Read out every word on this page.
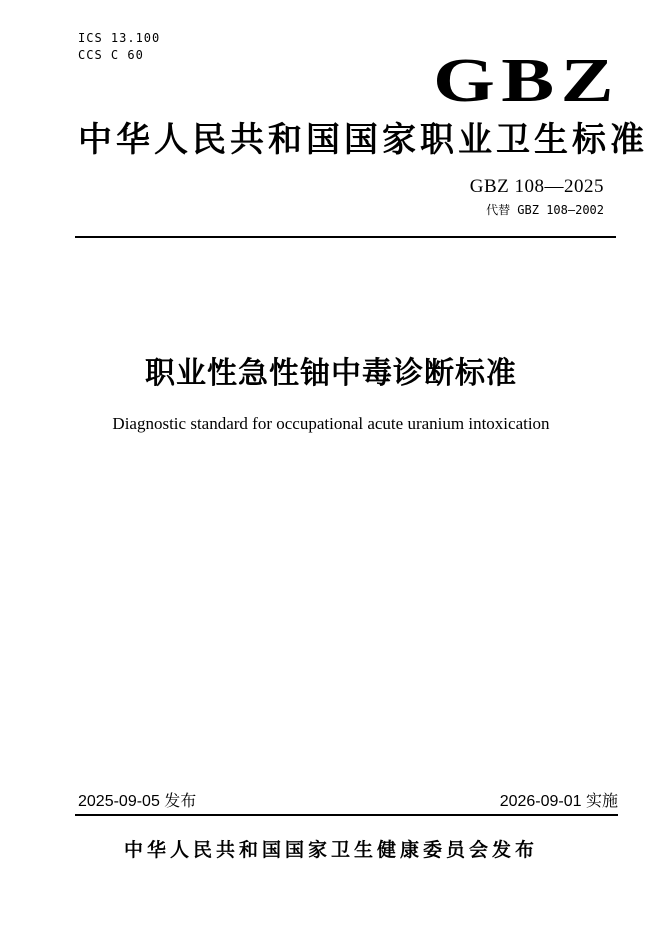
ICS 13.100
CCS C 60	GBZ
中华人民共和国国家职业卫生标准
GBZ 108—2025
代替 GBZ 108—2002
职业性急性铀中毒诊断标准
Diagnostic standard for occupational acute uranium intoxication
2025-09-05 发布	2026-09-01 实施
中华人民共和国国家卫生健康委员会发布
